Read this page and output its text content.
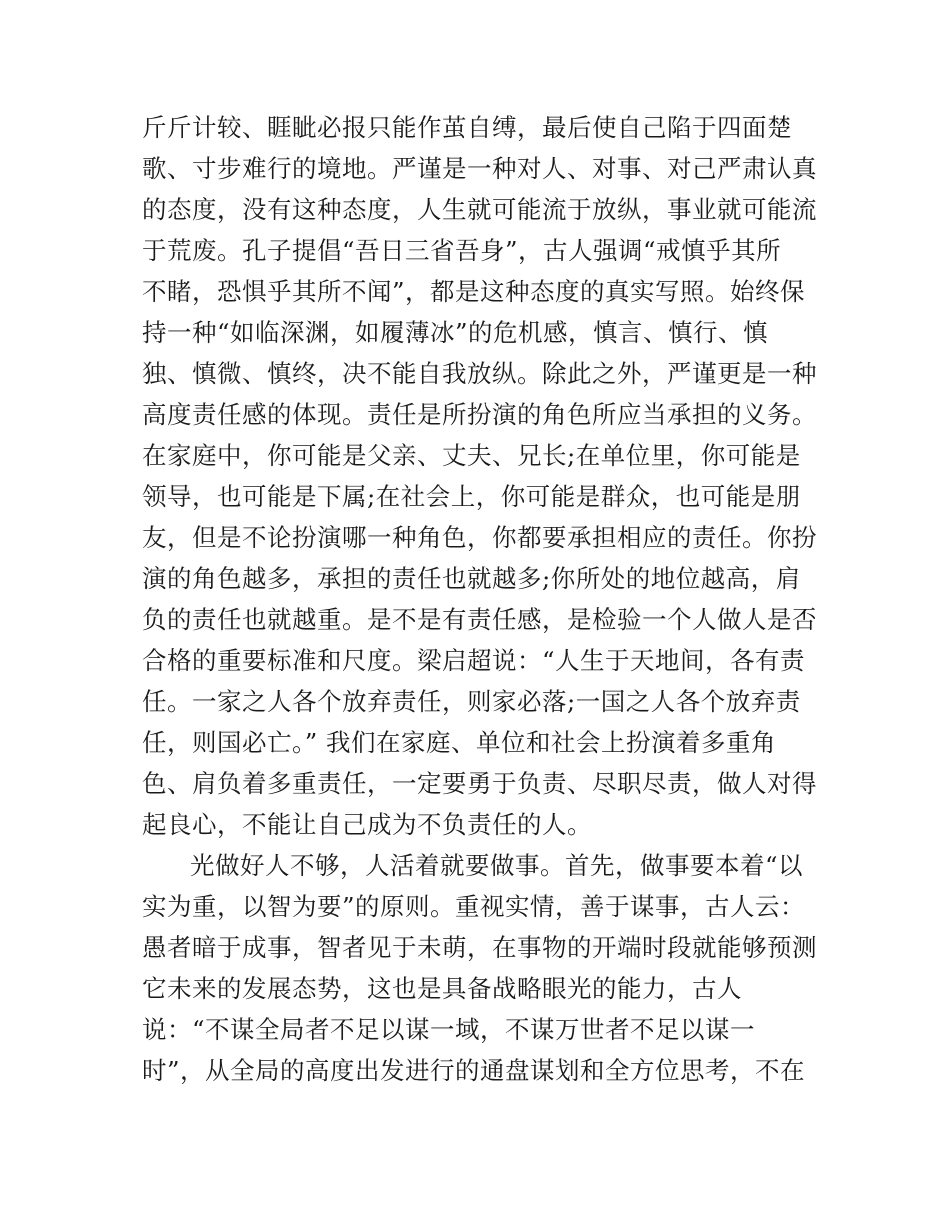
斤斤计较、睚眦必报只能作茧自缚，最后使自己陷于四面楚
歌、寸步难行的境地。严谨是一种对人、对事、对己严肃认真
的态度，没有这种态度，人生就可能流于放纵，事业就可能流
于荒废。孔子提倡“吾日三省吾身”，古人强调“戒慎乎其所
不睹，恐惧乎其所不闻”，都是这种态度的真实写照。始终保
持一种“如临深渊，如履薄冰”的危机感，慎言、慎行、慎
独、慎微、慎终，决不能自我放纵。除此之外，严谨更是一种
高度责任感的体现。责任是所扮演的角色所应当承担的义务。
在家庭中，你可能是父亲、丈夫、兄长;在单位里，你可能是
领导，也可能是下属;在社会上，你可能是群众，也可能是朋
友，但是不论扮演哪一种角色，你都要承担相应的责任。你扮
演的角色越多，承担的责任也就越多;你所处的地位越高，肩
负的责任也就越重。是不是有责任感，是检验一个人做人是否
合格的重要标准和尺度。梁启超说：“人生于天地间，各有责
任。一家之人各个放弃责任，则家必落;一国之人各个放弃责
任，则国必亡。” 我们在家庭、单位和社会上扮演着多重角
色、肩负着多重责任，一定要勇于负责、尽职尽责，做人对得
起良心，不能让自己成为不负责任的人。
光做好人不够，人活着就要做事。首先，做事要本着“以
实为重，以智为要”的原则。重视实情，善于谋事，古人云：
愚者暗于成事，智者见于未萌，在事物的开端时段就能够预测
它未来的发展态势，这也是具备战略眼光的能力，古人
说：“不谋全局者不足以谋一域，不谋万世者不足以谋一
时”，从全局的高度出发进行的通盘谋划和全方位思考，不在
